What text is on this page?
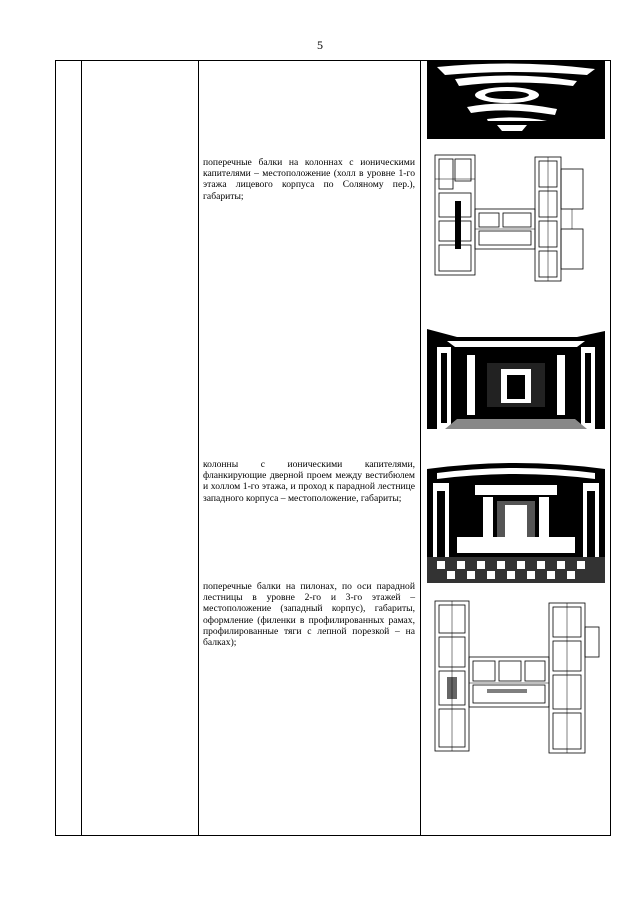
5
поперечные балки на колоннах с ионическими капителями – местоположение (холл в уровне 1-го этажа лицевого корпуса по Соляному пер.), габариты;
колонны с ионическими капителями, фланкирующие дверной проем между вестибюлем и холлом 1-го этажа, и проход к парадной лестнице западного корпуса – местоположение, габариты;
поперечные балки на пилонах, по оси парадной лестницы в уровне 2-го и 3-го этажей – местоположение (западный корпус), габариты, оформление (филенки в профилированных рамах, профилированные тяги с лепной порезкой – на балках);
